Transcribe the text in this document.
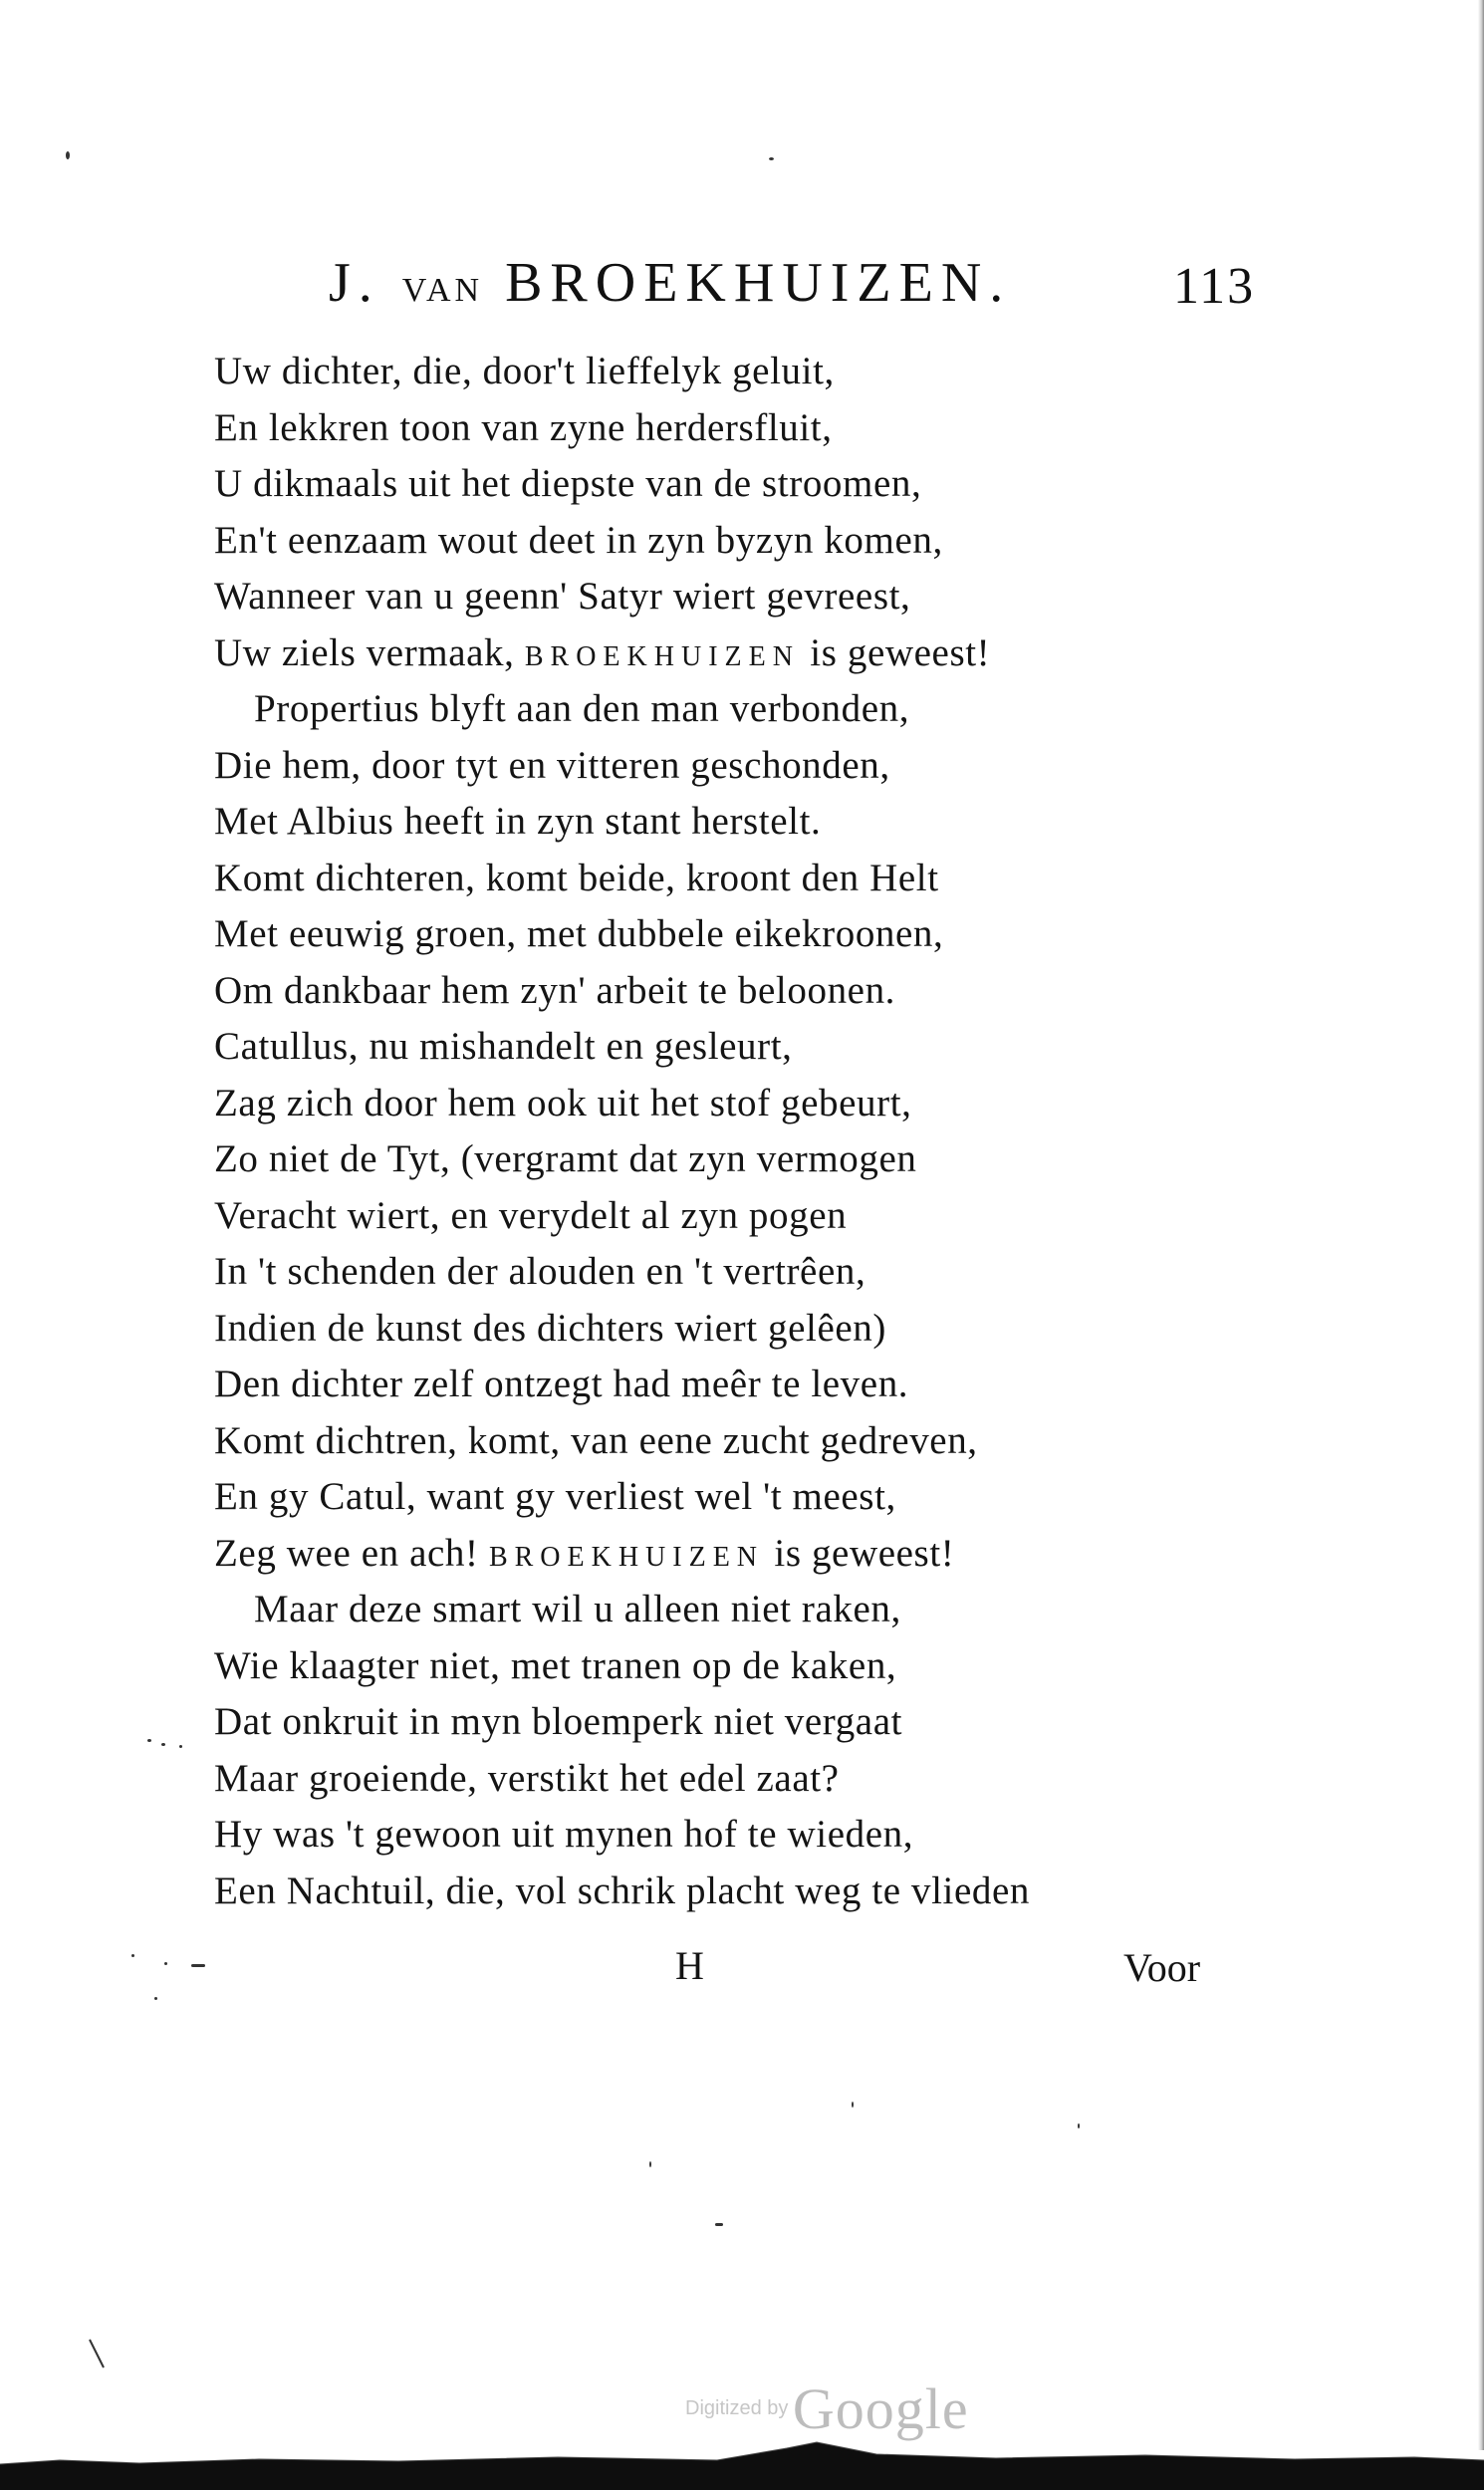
J. VAN BROEKHUIZEN.	113
Uw dichter, die, door't lieffelyk geluit,
En lekkren toon van zyne herdersfluit,
U dikmaals uit het diepste van de stroomen,
En't eenzaam wout deet in zyn byzyn komen,
Wanneer van u geenn' Satyr wiert gevreest,
Uw ziels vermaak, BROEKHUIZEN is geweest!
Propertius blyft aan den man verbonden,
Die hem, door tyt en vitteren geschonden,
Met Albius heeft in zyn stant herstelt.
Komt dichteren, komt beide, kroont den Helt
Met eeuwig groen, met dubbele eikekroonen,
Om dankbaar hem zyn' arbeit te beloonen.
Catullus, nu mishandelt en gesleurt,
Zag zich door hem ook uit het stof gebeurt,
Zo niet de Tyt, (vergramt dat zyn vermogen
Veracht wiert, en verydelt al zyn pogen
In 't schenden der alouden en 't vertrêen,
Indien de kunst des dichters wiert gelêen)
Den dichter zelf ontzegt had meêr te leven.
Komt dichtren, komt, van eene zucht gedreven,
En gy Catul, want gy verliest wel 't meest,
Zeg wee en ach! BROEKHUIZEN is geweest!
Maar deze smart wil u alleen niet raken,
Wie klaagter niet, met tranen op de kaken,
Dat onkruit in myn bloemperk niet vergaat
Maar groeiende, verstikt het edel zaat?
Hy was 't gewoon uit mynen hof te wieden,
Een Nachtuil, die, vol schrik placht weg te vlieden
H	Voor
Digitized by Google
